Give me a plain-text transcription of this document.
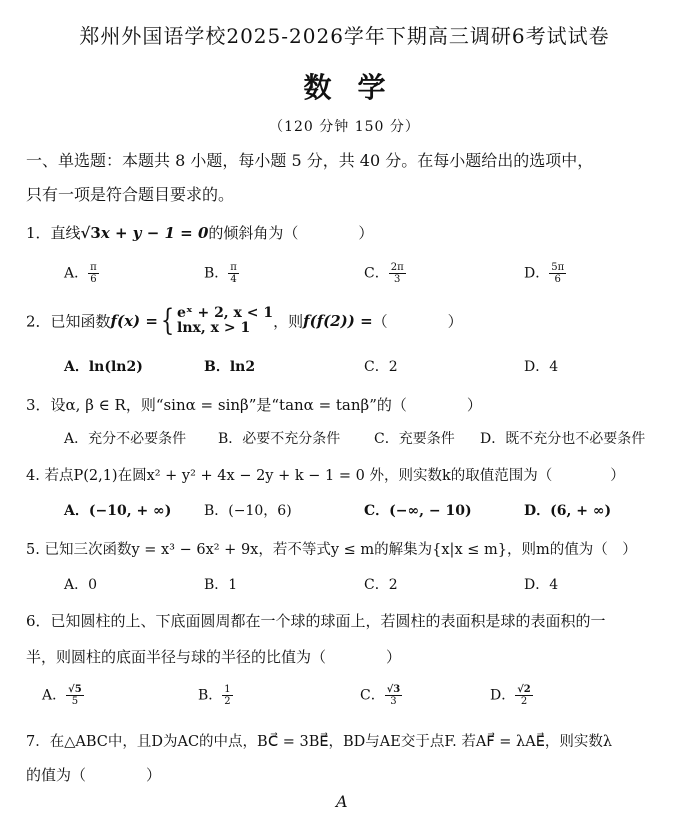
郑州外国语学校2025-2026学年下期高三调研6考试试卷
数学
（120 分钟 150 分）
一、单选题：本题共 8 小题，每小题 5 分，共 40 分。在每小题给出的选项中，
只有一项是符合题目要求的。
1．直线√3x + y − 1 = 0的倾斜角为（　　　　）
A． $\frac{\pi}{6}$	B． $\frac{\pi}{4}$	C． $\frac{2\pi}{3}$	D． $\frac{5\pi}{6}$
2．已知函数f(x) ={ eˣ + 2, x < 1
lnx, x > 1	，则f(f(2)) =（　　　　）
A．ln(ln2)	B．ln2	C．2	D．4
3．设α, β ∈ R，则“sinα = sinβ”是“tanα = tanβ”的（　　　　）
A．充分不必要条件 B．必要不充分条件 C．充要条件 D．既不充分也不必要条件
4. 若点P(2,1)在圆x² + y² + 4x − 2y + k − 1 = 0 外，则实数k的取值范围为（　　　　）
A．(−10, + ∞) B．(−10，6)	C．(−∞, − 10)	D．(6, + ∞)
5. 已知三次函数y = x³ − 6x² + 9x，若不等式y ≤ m的解集为{x|x ≤ m}，则m的值为（　）
A．0	B．1	C．2	D．4
6．已知圆柱的上、下底面圆周都在一个球的球面上，若圆柱的表面积是球的表面积的一
半，则圆柱的底面半径与球的半径的比值为（　　　　）
A． $\frac{√5}{5}$	B． $\frac{1}{2}$	C． $\frac{√3}{3}$	D． $\frac{√2}{2}$
7．在△ABC中，且D为AC的中点，BC⃗ = 3BE⃗，BD与AE交于点F. 若AF⃗ = λAE⃗，则实数λ
的值为（　　　　）
A
